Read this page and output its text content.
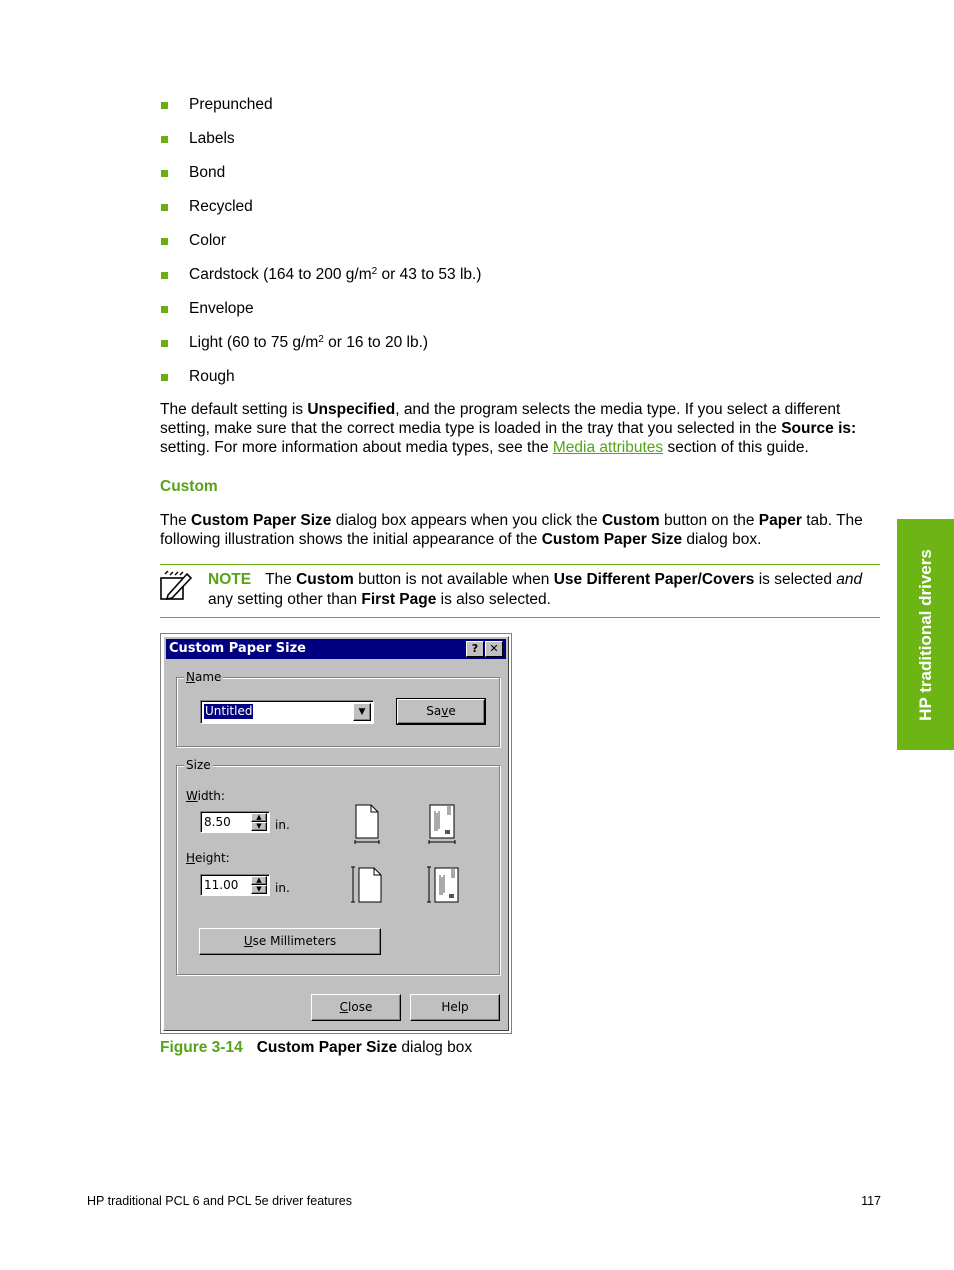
Prepunched
Labels
Bond
Recycled
Color
Cardstock (164 to 200 $g/m^2$ or 43 to 53 lb.)
Envelope
Light (60 to 75 $g/m^2$ or 16 to 20 lb.)
Rough

The default setting is Unspecified, and the program selects the media type. If you select a different setting, make sure that the correct media type is loaded in the tray that you selected in the Source is: setting. For more information about media types, see the Media attributes section of this guide.

Custom

The Custom Paper Size dialog box appears when you click the Custom button on the Paper tab. The following illustration shows the initial appearance of the Custom Paper Size dialog box.

NOTE The Custom button is not available when Use Different Paper/Covers is selected and any setting other than First Page is also selected.	HP traditional drivers
Custom Paper Size	?	✕
Name
Untitled	▼	Save
Size
Width:
8.50	▲
▼	in.
Height:
11.00	▲
▼	in.
Use Millimeters
Close	Help
Figure 3-14 Custom Paper Size dialog box
HP traditional PCL 6 and PCL 5e driver features	117
